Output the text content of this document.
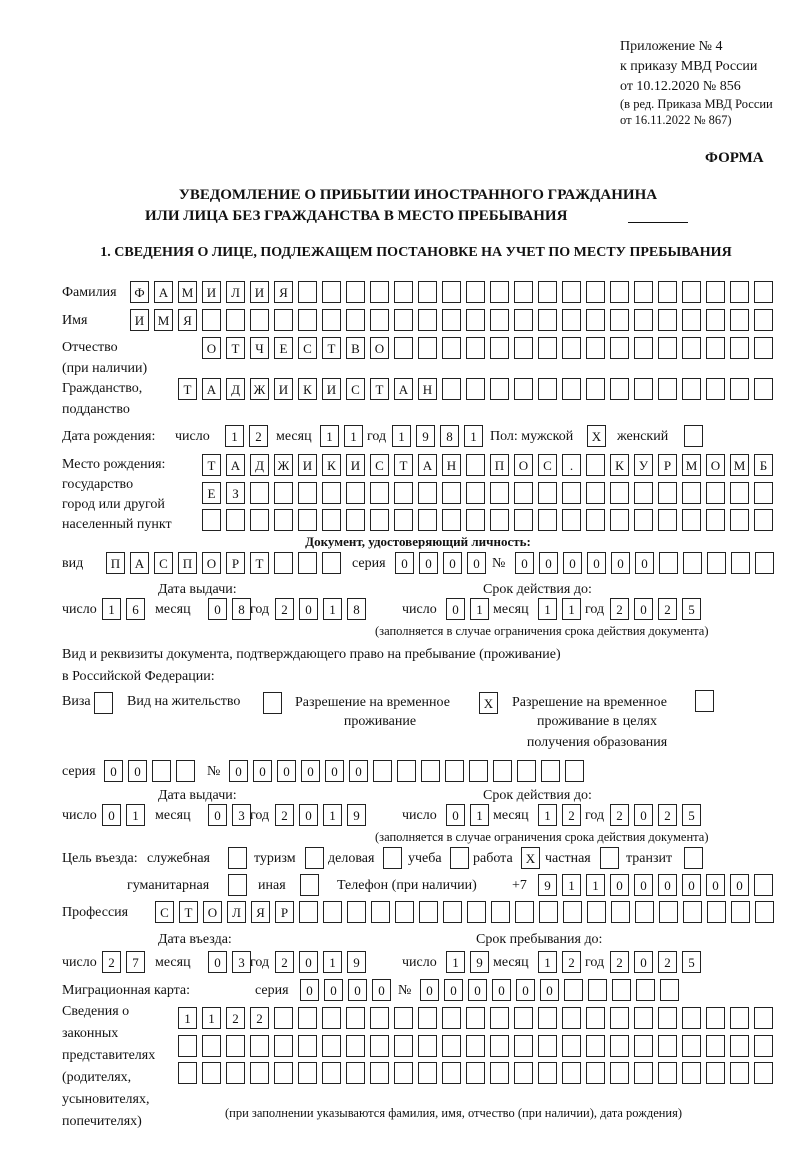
Приложение № 4
к приказу МВД России
от 10.12.2020 № 856
(в ред. Приказа МВД России
от 16.11.2022 № 867)
ФОРМА
УВЕДОМЛЕНИЕ О ПРИБЫТИИ ИНОСТРАННОГО ГРАЖДАНИНА
ИЛИ ЛИЦА БЕЗ ГРАЖДАНСТВА В МЕСТО ПРЕБЫВАНИЯ
1. СВЕДЕНИЯ О ЛИЦЕ, ПОДЛЕЖАЩЕМ ПОСТАНОВКЕ НА УЧЕТ ПО МЕСТУ ПРЕБЫВАНИЯ
Фамилия	Ф	А	М	И	Л	И	Я
Имя	И	М	Я
Отчество
(при наличии)
О	Т	Ч	Е	С	Т	В	О
Гражданство,
подданство
Т	А	Д	Ж	И	К	И	С	Т	А	Н
Дата рождения: число	1	2	месяц	1	1 год 1	9	8	1 Пол: мужской	X	женский
Место рождения:
государство
город или другой
населенный пункт
Т	А	Д	Ж	И	К	И	С	Т	А	Н	П	О	С	.	К	У	Р	М	О	М	Б
Е	З
Документ, удостоверяющий личность:
вид	П	А	С	П	О	Р	Т	серия	0	0	0	0 №	0	0	0	0	0	0
Дата выдачи:	Срок действия до:
число 1	6	месяц	0	8 год 2	0	1	8	число	0	1 месяц	1	1 год 2	0	2	5
(заполняется в случае ограничения срока действия документа)
Вид и реквизиты документа, подтверждающего право на пребывание (проживание)
в Российской Федерации:
Виза	Вид на жительство	Разрешение на временное
проживание
X	Разрешение на временное
проживание в целях
получения образования
серия	0	0	№	0	0	0	0	0	0
Дата выдачи:	Срок действия до:
число 0	1	месяц	0	3 год 2	0	1	9	число	0	1 месяц	1	2 год 2	0	2	5
(заполняется в случае ограничения срока действия документа)
Цель въезда: служебная	туризм деловая учеба работа	X частная	транзит
гуманитарная	иная	Телефон (при наличии)	+7	9	1	1	0	0	0	0	0	0
Профессия	С	Т	О	Л	Я	Р
Дата въезда:	Срок пребывания до:
число 2	7	месяц	0	3 год 2	0	1	9	число	1	9 месяц	1	2 год 2	0	2	5
Миграционная карта:	серия	0	0	0	0 №	0	0	0	0	0	0
Сведения о
законных
представителях
(родителях,
усыновителях,
попечителях)
1	1	2	2
(при заполнении указываются фамилия, имя, отчество (при наличии), дата рождения)
